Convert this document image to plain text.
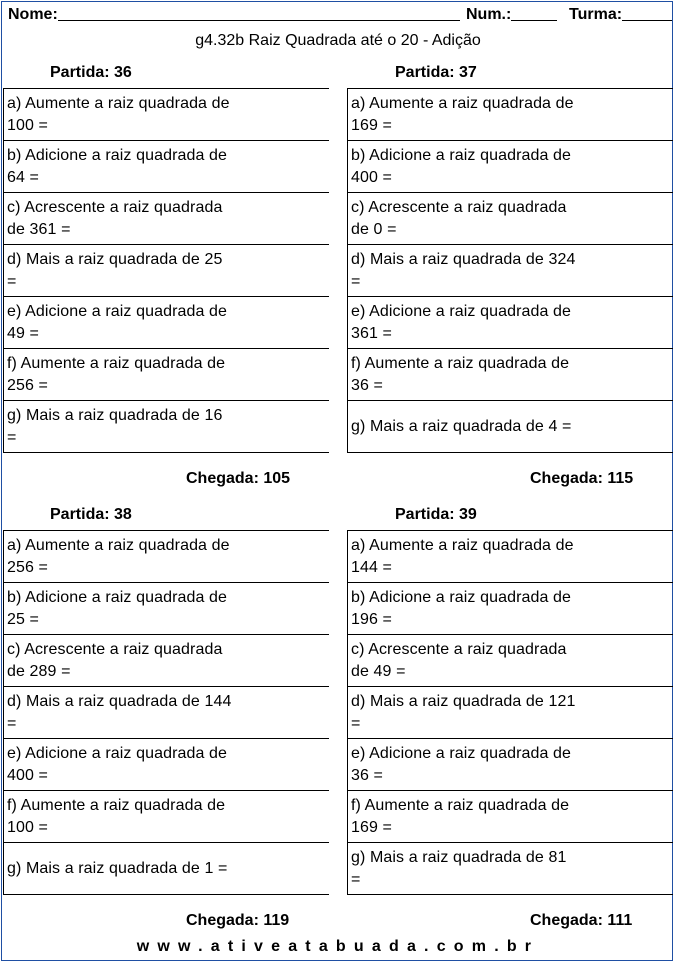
Nome:	Num.:	Turma:
g4.32b Raiz Quadrada até o 20 - Adição
Partida: 36
a) Aumente a raiz quadrada de
100 =
b) Adicione a raiz quadrada de
64 =
c) Acrescente a raiz quadrada
de 361 =
d) Mais a raiz quadrada de 25
=
e) Adicione a raiz quadrada de
49 =
f) Aumente a raiz quadrada de
256 =
g) Mais a raiz quadrada de 16
=
Chegada: 105
Partida: 37
a) Aumente a raiz quadrada de
169 =
b) Adicione a raiz quadrada de
400 =
c) Acrescente a raiz quadrada
de 0 =
d) Mais a raiz quadrada de 324
=
e) Adicione a raiz quadrada de
361 =
f) Aumente a raiz quadrada de
36 =
g) Mais a raiz quadrada de 4 =
Chegada: 115
Partida: 38
a) Aumente a raiz quadrada de
256 =
b) Adicione a raiz quadrada de
25 =
c) Acrescente a raiz quadrada
de 289 =
d) Mais a raiz quadrada de 144
=
e) Adicione a raiz quadrada de
400 =
f) Aumente a raiz quadrada de
100 =
g) Mais a raiz quadrada de 1 =
Chegada: 119
Partida: 39
a) Aumente a raiz quadrada de
144 =
b) Adicione a raiz quadrada de
196 =
c) Acrescente a raiz quadrada
de 49 =
d) Mais a raiz quadrada de 121
=
e) Adicione a raiz quadrada de
36 =
f) Aumente a raiz quadrada de
169 =
g) Mais a raiz quadrada de 81
=
Chegada: 111
www.ativeatabuada.com.br
